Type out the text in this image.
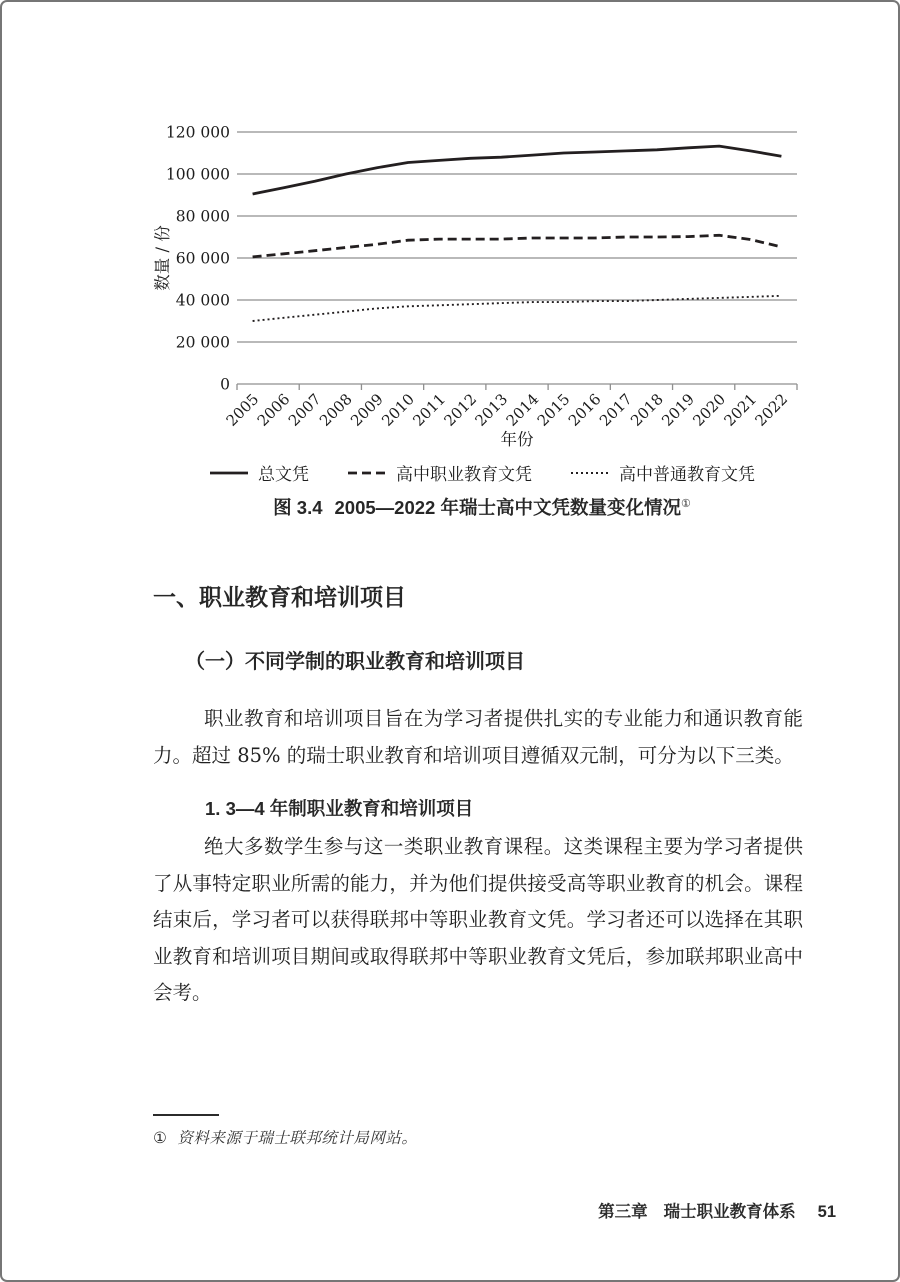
0
20 000
40 000
60 000
80 000
100 000
120 000
2005
2006
2007
2008
2009
2010
2011
2012
2013
2014
2015
2016
2017
2018
2019
2020
2021
2022
数量 / 份
年份
总文凭	高中职业教育文凭	高中普通教育文凭
图 3.4 2005—2022 年瑞士高中文凭数量变化情况①
一、职业教育和培训项目
（一）不同学制的职业教育和培训项目
职业教育和培训项目旨在为学习者提供扎实的专业能力和通识教育能力。超过 85% 的瑞士职业教育和培训项目遵循双元制，可分为以下三类。
1. 3—4 年制职业教育和培训项目
绝大多数学生参与这一类职业教育课程。这类课程主要为学习者提供了从事特定职业所需的能力，并为他们提供接受高等职业教育的机会。课程结束后，学习者可以获得联邦中等职业教育文凭。学习者还可以选择在其职业教育和培训项目期间或取得联邦中等职业教育文凭后，参加联邦职业高中会考。
① 资料来源于瑞士联邦统计局网站。
第三章 瑞士职业教育体系 51
